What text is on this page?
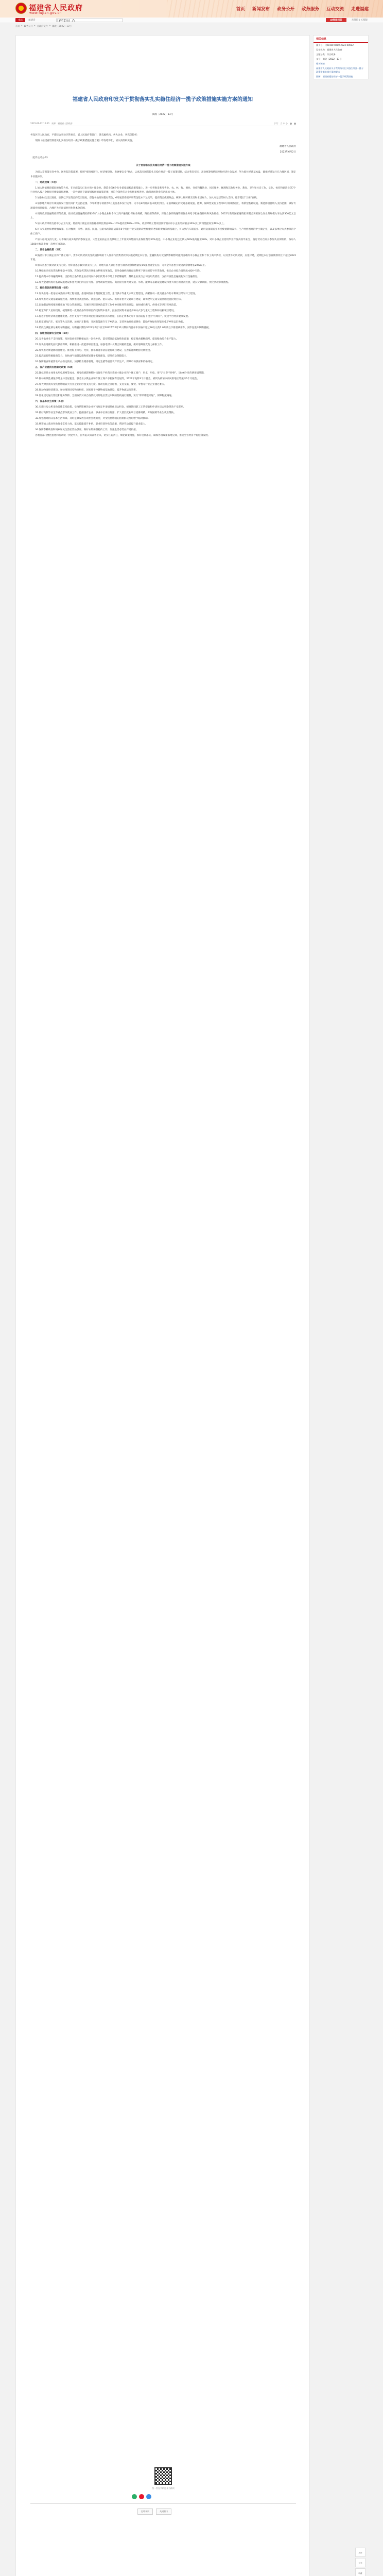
福建省人民政府
www.fujian.gov.cn
首页 新闻发布 政务公开 政务服务 互动交流 走进福建
本站	福建省
请输入	AI智能问答	无障碍 | 长辈版
首页 > 政务公开 > 省政府文件 > 闽政〔2022〕13号
福建省人民政府印发关于贯彻落实扎实稳住经济一揽子政策措施实施方案的通知
闽政〔2022〕13号
2022-06-02 10:00
来源：福建省人民政府	字号：大 中 小

各设区市人民政府，平潭综合实验区管委会，省人民政府各部门，各直属机构，各大企业，各高等院校：

现将《福建省贯彻落实扎实稳住经济一揽子政策措施实施方案》印发给你们，请认真组织实施。

福建省人民政府

2022年6月2日

（此件主动公开）

关于贯彻落实扎实稳住经济一揽子政策措施实施方案

为深入贯彻落实党中央、国务院决策部署，按照“疫情要防住、经济要稳住、发展要安全”要求，认真落实国务院扎实稳住经济一揽子政策措施，结合我省实际，高效统筹疫情防控和经济社会发展，努力稳住经济基本盘，确保经济运行在合理区间，制定本实施方案。

一、财政政策（7项）

1.加大增值税留抵退税政策力度。在全面落实已出台的小微企业、制造业等6个行业留抵退税政策基础上，进一步将批发和零售业，农、林、牧、渔业，住宿和餐饮业，居民服务、修理和其他服务业，教育，卫生和社会工作，文化、体育和娱乐业等7个行业纳入按月全额退还增量留抵税额、一次性退还存量留抵税额的政策范围，对符合条件的企业加快退税进度，确保退税资金直达市场主体。

2.加快财政支出进度。加快已下达资金的支出进度，督促各地及时拨付资金，6月底前省级专项资金基本下达完毕，提高资金使用效益。统筹上级转移支付和本级财力，加大对基层的财力支持，兜牢基层“三保”底线。

3.加快地方政府专项债券发行使用并扩大支持范围。今年新增专项债券6月底前基本发行完毕，力争在8月底前基本使用到位。在前期确定的交通基础设施、能源、保障性安居工程等9大领域基础上，将新型基础设施、新能源项目纳入支持范围，做好专项债券项目储备，合理扩大专项债券用作资本金范围。

4.用好政府性融资担保等政策。推动政府性融资担保机构扩大小微企业和个体工商户融资担保业务规模，降低担保费率，对符合条件的融资担保业务给予担保费补助和风险补偿，2022年新增国家融资担保基金再担保合作业务规模力争达到300亿元以上。

5.加大政府采购支持中小企业力度。将面向小微企业的价格扣除比例由6%—10%提高至10%—20%，政府采购工程项目预留面向中小企业的份额由30%以上阶段性提高至40%以上。

6.扩大实施社保费缓缴政策。在对餐饮、零售、旅游、民航、公路水路铁路运输等5个特困行业实施阶段性缓缴养老保险费政策的基础上，扩大到汽车制造业、通用设备制造业等受疫情影响较大、生产经营困难的中小微企业，以及以单位方式参保的个体工商户。

7.加大稳岗支持力度。对不裁员或少裁员的参保企业，大型企业按企业及其职工上年度实际缴纳失业保险费的30%返还，中小微企业返还比例从60%最高提至90%。对中小微企业招用毕业年度高校毕业生，签订劳动合同并参加失业保险的，按每人1500元标准发放一次性扩岗补助。

二、货币金融政策（5项）

8.鼓励对中小微企业和个体工商户、货车司机贷款及受疫情影响的个人住房与消费贷款等实施延期还本付息。金融机构对受疫情影响暂时遇到困难的中小微企业和个体工商户贷款，以及货车司机贷款，应延尽延，延期还本付息日期原则上不超过2022年底。

9.加大普惠小微贷款支持力度。用好普惠小微贷款支持工具，对地方法人银行普惠小微贷款余额增量按1%提供资金支持。力争全年普惠小微贷款余额增长20%以上。

10.继续推动实际贷款利率稳中有降。充分发挥贷款市场报价利率改革效能，引导金融机构将存款利率下调效果传导至贷款端，推动企业综合融资成本稳中有降。

11.提高资本市场融资效率。支持符合条件的企业在境内外多层次资本市场上市挂牌融资，鼓励企业发行公司信用类债券，支持开发性金融机构发行金融债券。

12.加大金融机构对基础设施建设和重大项目的支持力度。引导政策性银行、商业银行加大对交通、水利、能源等基础设施建设和重大项目的贷款投放，延长贷款期限，优化贷款审批流程。

三、稳投资促消费等政策（6项）

13.加快推进一批论证成熟的水利工程项目。推进闽西南水资源配置工程、金门供水等重大水利工程建设，抓紧推动一批具备条件的水利项目尽早开工建设。

14.加快推动交通基础设施投资。加快推进高速铁路、高速公路、港口码头、机场等重大交通项目建设，确保全年完成交通基础设施投资目标。

15.因地制宜继续推进城市地下综合管廊建设。在城市老旧管网改造等工作中协同推进管廊建设，加快城市燃气、供排水等老旧管网改造。

16.稳定和扩大民间投资。梳理筛选一批具备条件的项目向民间资本推介，鼓励民间资本通过多种方式参与重大工程和补短板项目建设。

17.促进平台经济规范健康发展。出台支持平台经济规范健康发展的具体措施，在防止资本无序扩张的前提下设立“红绿灯”，促进平台经济健康发展。

18.稳定增加汽车、家电等大宗消费。放宽汽车限购，开展新能源汽车下乡活动，支持各地发放消费券，鼓励开展绿色智能家电下乡和以旧换新。

19.阶段性减征部分乘用车购置税。对购置日期在2022年6月1日至2022年12月31日期间内且单车价格不超过30万元的2.0升及以下排量乘用车，减半征收车辆购置税。

四、保粮食能源安全政策（5项）

20.完善农业生产支持政策。及时发放实际种粮农民一次性补贴，落实稻谷最低收购价政策，稳定粮食播种面积，提高粮食综合生产能力。

21.加快推进煤电油气供应保障。积极推进一批能源项目建设，加强电煤中长期合同履约监管，做好迎峰度夏电力保供工作。

22.加快推动新能源项目建设。推进海上风电、光伏、抽水蓄能等清洁能源项目建设，完善新能源配套电网建设。

23.提高能源资源储备能力。加快油气储备设施和煤炭储备基地建设，提升应急保障能力。

24.保障粮食和重要农产品稳定供应。加强粮食储备管理，稳定生猪等重要农产品生产，保障市场供应和价格稳定。

五、保产业链供应链稳定政策（5项）

25.降低市场主体用水用电用网等成本。对受疫情影响暂时出现生产经营困难的小微企业和个体工商户，用水、用电、用气“欠费不停供”，设立6个月的费用缓缴期。

26.推动阶段性减免市场主体房屋租金。服务业小微企业和个体工商户承租国有房屋的，2022年免除3个月租金，被列为疫情中高风险地区的免除6个月租金。

27.加大对民航等受疫情影响较大行业企业的纾困支持力度。推动民航企业纾困，支持文旅、餐饮、零售等行业企业渡过难关。

28.推动物流枢纽建设。加快推进国家物流枢纽、国家骨干冷链物流基地建设，提升物流运行效率。

29.优化货运通行管控和服务保障。全面取消对来自疫情低风险地区货运车辆的防疫通行限制，实行“即采即走即通”，保障物流畅通。

六、保基本民生政策（5项）

30.实施住房公积金阶段性支持政策。受疫情影响的企业可按规定申请缓缴住房公积金，缓缴期间职工正常提取和申请住房公积金贷款不受影响。

31.做好高校毕业生等重点群体就业工作。挖掘国有企业、事业单位岗位资源，扩大基层就业项目招募规模，开展困难毕业生就业帮扶。

32.加强困难群众基本生活保障。及时足额发放各项社会救助金，对受疫情影响的困难群众及时给予临时救助。

33.统筹加大就业补助资金支持力度。落实技能提升补贴、职业培训补贴等政策，帮助劳动者提升就业能力。

34.保障春耕秋收和城乡居民生活必需品供应。做好农资保供稳价工作，加强生活必需品产销衔接。

各地各部门要把思想和行动统一到党中央、国务院决策部署上来，切实扛起责任，细化政策措施，抓好贯彻落实，确保各项政策落地见效，推动全省经济平稳健康发展。

扫一扫在手机打开当前页
打印本页	关闭窗口
相关信息
索引号：FJ00100-0200-2022-00012
发布机构：福建省人民政府
主题分类：综合政务
文号：闽政〔2022〕13号
相关链接：
福建省人民政府关于贯彻落实扎实稳住经济一揽子政策措施实施方案的解读
图解：福建省稳住经济一揽子政策措施
顶部
分享
收藏
